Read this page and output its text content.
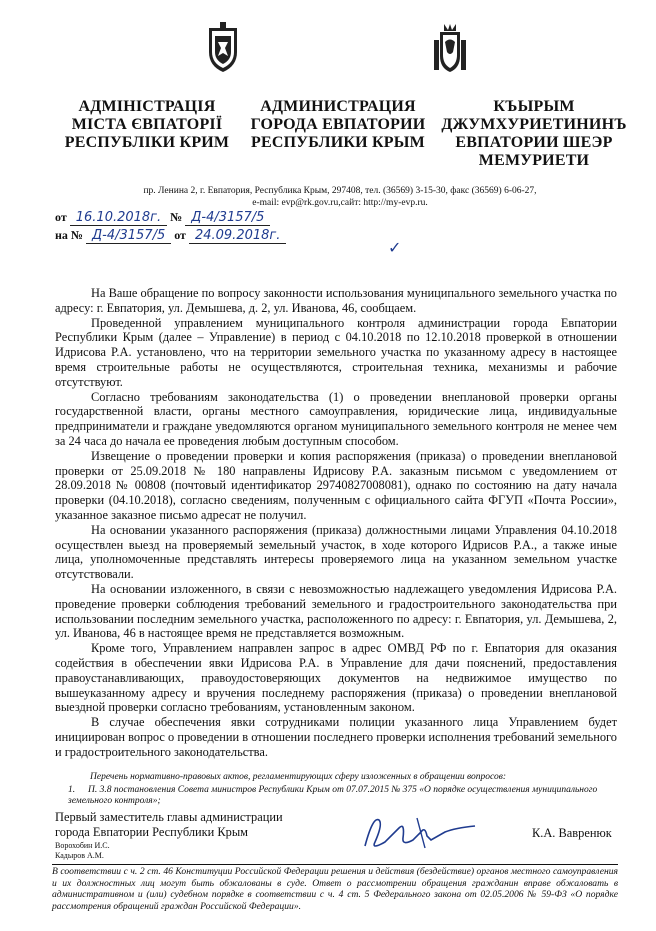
АДМІНІСТРАЦІЯ
МІСТА ЄВПАТОРІЇ
РЕСПУБЛІКИ КРИМ
АДМИНИСТРАЦИЯ
ГОРОДА ЕВПАТОРИИ
РЕСПУБЛИКИ КРЫМ
КЪЫРЫМ
ДЖУМХУРИЕТИНИНЪ
ЕВПАТОРИИ ШЕЭР
МЕМУРИЕТИ
пр. Ленина 2, г. Евпатория, Республика Крым, 297408, тел. (36569) 3-15-30, факс (36569) 6-06-27,
e-mail: evp@rk.gov.ru,сайт: http://my-evp.ru.
от 16.10.2018г. № Д-4/3157/5
на № Д-4/3157/5 от 24.09.2018г.
✓

На Ваше обращение по вопросу законности использования муниципального земельного участка по адресу: г. Евпатория, ул. Демышева, д. 2, ул. Иванова, 46, сообщаем.

Проведенной управлением муниципального контроля администрации города Евпатории Республики Крым (далее – Управление) в период с 04.10.2018 по 12.10.2018 проверкой в отношении Идрисова Р.А. установлено, что на территории земельного участка по указанному адресу в настоящее время строительные работы не осуществляются, строительная техника, механизмы и рабочие отсутствуют.

Согласно требованиям законодательства (1) о проведении внеплановой проверки органы государственной власти, органы местного самоуправления, юридические лица, индивидуальные предприниматели и граждане уведомляются органом муниципального земельного контроля не менее чем за 24 часа до начала ее проведения любым доступным способом.

Извещение о проведении проверки и копия распоряжения (приказа) о проведении внеплановой проверки от 25.09.2018 № 180 направлены Идрисову Р.А. заказным письмом с уведомлением от 28.09.2018 № 00808 (почтовый идентификатор 29740827008081), однако по состоянию на дату начала проверки (04.10.2018), согласно сведениям, полученным с официального сайта ФГУП «Почта России», указанное заказное письмо адресат не получил.

На основании указанного распоряжения (приказа) должностными лицами Управления 04.10.2018 осуществлен выезд на проверяемый земельный участок, в ходе которого Идрисов Р.А., а также иные лица, уполномоченные представлять интересы проверяемого лица на указанном земельном участке отсутствовали.

На основании изложенного, в связи с невозможностью надлежащего уведомления Идрисова Р.А. проведение проверки соблюдения требований земельного и градостроительного законодательства при использовании последним земельного участка, расположенного по адресу: г. Евпатория, ул. Демышева, 2, ул. Иванова, 46 в настоящее время не представляется возможным.

Кроме того, Управлением направлен запрос в адрес ОМВД РФ по г. Евпатория для оказания содействия в обеспечении явки Идрисова Р.А. в Управление для дачи пояснений, предоставления правоустанавливающих, правоудостоверяющих документов на недвижимое имущество по вышеуказанному адресу и вручения последнему распоряжения (приказа) о проведении внеплановой выездной проверки согласно требованиям, установленным законом.

В случае обеспечения явки сотрудниками полиции указанного лица Управлением будет инициирован вопрос о проведении в отношении последнего проверки исполнения требований земельного и градостроительного законодательства.

Перечень нормативно-правовых актов, регламентирующих сферу изложенных в обращении вопросов:
1. П. 3.8 постановления Совета министров Республики Крым от 07.07.2015 № 375 «О порядке осуществления муниципального земельного контроля»;
Первый заместитель главы администрации
города Евпатории Республики Крым	К.А. Вавренюк
Ворохобин И.С.
Кадыров А.М.
В соответствии с ч. 2 ст. 46 Конституции Российской Федерации решения и действия (бездействие) органов местного самоуправления и их должностных лиц могут быть обжалованы в суде. Ответ о рассмотрении обращения гражданин вправе обжаловать в административном и (или) судебном порядке в соответствии с ч. 4 ст. 5 Федерального закона от 02.05.2006 № 59-ФЗ «О порядке рассмотрения обращений граждан Российской Федерации».
